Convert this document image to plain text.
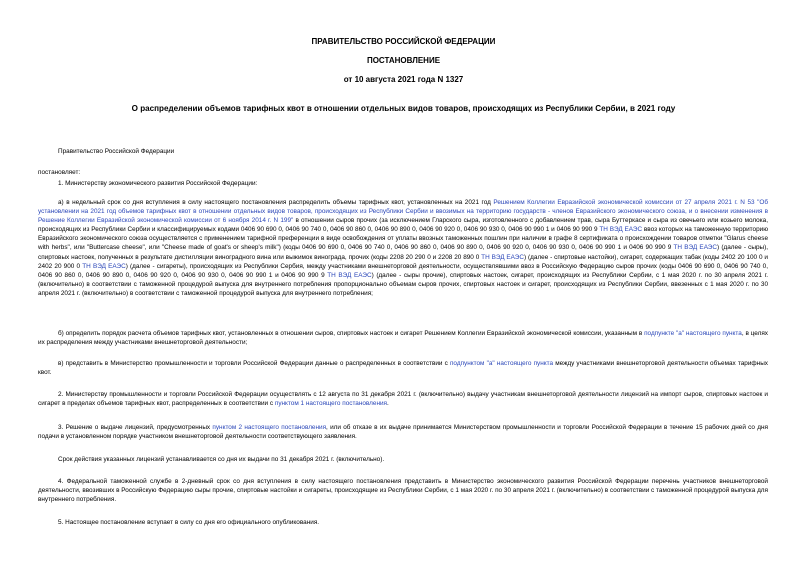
ПРАВИТЕЛЬСТВО РОССИЙСКОЙ ФЕДЕРАЦИИ
ПОСТАНОВЛЕНИЕ
от 10 августа 2021 года N 1327
О распределении объемов тарифных квот в отношении отдельных видов товаров, происходящих из Республики Сербии, в 2021 году
Правительство Российской Федерации
постановляет:
1. Министерству экономического развития Российской Федерации:
а) в недельный срок со дня вступления в силу настоящего постановления распределить объемы тарифных квот, установленных на 2021 год Решением Коллегии Евразийской экономической комиссии от 27 апреля 2021 г. N 53 "Об установлении на 2021 год объемов тарифных квот в отношении отдельных видов товаров, происходящих из Республики Сербии и ввозимых на территорию государств - членов Евразийского экономического союза, и о внесении изменения в Решение Коллегии Евразийской экономической комиссии от 6 ноября 2014 г. N 199" в отношении сыров прочих (за исключением Гларского сыра, изготовленного с добавлением трав, сыра Буттеркасе и сыра из овечьего или козьего молока, происходящих из Республики Сербии и классифицируемых кодами 0406 90 690 0, 0406 90 740 0, 0406 90 860 0, 0406 90 890 0, 0406 90 920 0, 0406 90 930 0, 0406 90 990 1 и 0406 90 990 9 ТН ВЭД ЕАЭС ввоз которых на таможенную территорию Евразийского экономического союза осуществляется с применением тарифной преференции в виде освобождения от уплаты ввозных таможенных пошлин при наличии в графе 8 сертификата о происхождении товаров отметки "Glarus cheese with herbs", или "Buttercase cheese", или "Cheese made of goat's or sheep's milk") (коды 0406 90 690 0, 0406 90 740 0, 0406 90 860 0, 0406 90 890 0, 0406 90 920 0, 0406 90 930 0, 0406 90 990 1 и 0406 90 990 9 ТН ВЭД ЕАЭС) (далее - сыры), спиртовых настоек, полученных в результате дистилляции виноградного вина или выжимок винограда, прочих (коды 2208 20 290 0 и 2208 20 890 0 ТН ВЭД ЕАЭС) (далее - спиртовые настойки), сигарет, содержащих табак (коды 2402 20 100 0 и 2402 20 900 0 ТН ВЭД ЕАЭС) (далее - сигареты), происходящих из Республики Сербия, между участниками внешнеторговой деятельности, осуществлявшими ввоз в Российскую Федерацию сыров прочих (коды 0406 90 690 0, 0406 90 740 0, 0406 90 860 0, 0406 90 890 0, 0406 90 920 0, 0406 90 930 0, 0406 90 990 1 и 0406 90 990 9 ТН ВЭД ЕАЭС) (далее - сыры прочие), спиртовых настоек, сигарет, происходящих из Республики Сербии, с 1 мая 2020 г. по 30 апреля 2021 г. (включительно) в соответствии с таможенной процедурой выпуска для внутреннего потребления пропорционально объемам сыров прочих, спиртовых настоек и сигарет, происходящих из Республики Сербии, ввезенных с 1 мая 2020 г. по 30 апреля 2021 г. (включительно) в соответствии с таможенной процедурой выпуска для внутреннего потребления;
б) определить порядок расчета объемов тарифных квот, установленных в отношении сыров, спиртовых настоек и сигарет Решением Коллегии Евразийской экономической комиссии, указанным в подпункте "а" настоящего пункта, в целях их распределения между участниками внешнеторговой деятельности;
в) представить в Министерство промышленности и торговли Российской Федерации данные о распределенных в соответствии с подпунктом "а" настоящего пункта между участниками внешнеторговой деятельности объемах тарифных квот.
2. Министерству промышленности и торговли Российской Федерации осуществлять с 12 августа по 31 декабря 2021 г. (включительно) выдачу участникам внешнеторговой деятельности лицензий на импорт сыров, спиртовых настоек и сигарет в пределах объемов тарифных квот, распределенных в соответствии с пунктом 1 настоящего постановления.
3. Решение о выдаче лицензий, предусмотренных пунктом 2 настоящего постановления, или об отказе в их выдаче принимается Министерством промышленности и торговли Российской Федерации в течение 15 рабочих дней со дня подачи в установленном порядке участником внешнеторговой деятельности соответствующего заявления.
Срок действия указанных лицензий устанавливается со дня их выдачи по 31 декабря 2021 г. (включительно).
4. Федеральной таможенной службе в 2-дневный срок со дня вступления в силу настоящего постановления представить в Министерство экономического развития Российской Федерации перечень участников внешнеторговой деятельности, ввозивших в Российскую Федерацию сыры прочие, спиртовые настойки и сигареты, происходящие из Республики Сербии, с 1 мая 2020 г. по 30 апреля 2021 г. (включительно) в соответствии с таможенной процедурой выпуска для внутреннего потребления.
5. Настоящее постановление вступает в силу со дня его официального опубликования.
